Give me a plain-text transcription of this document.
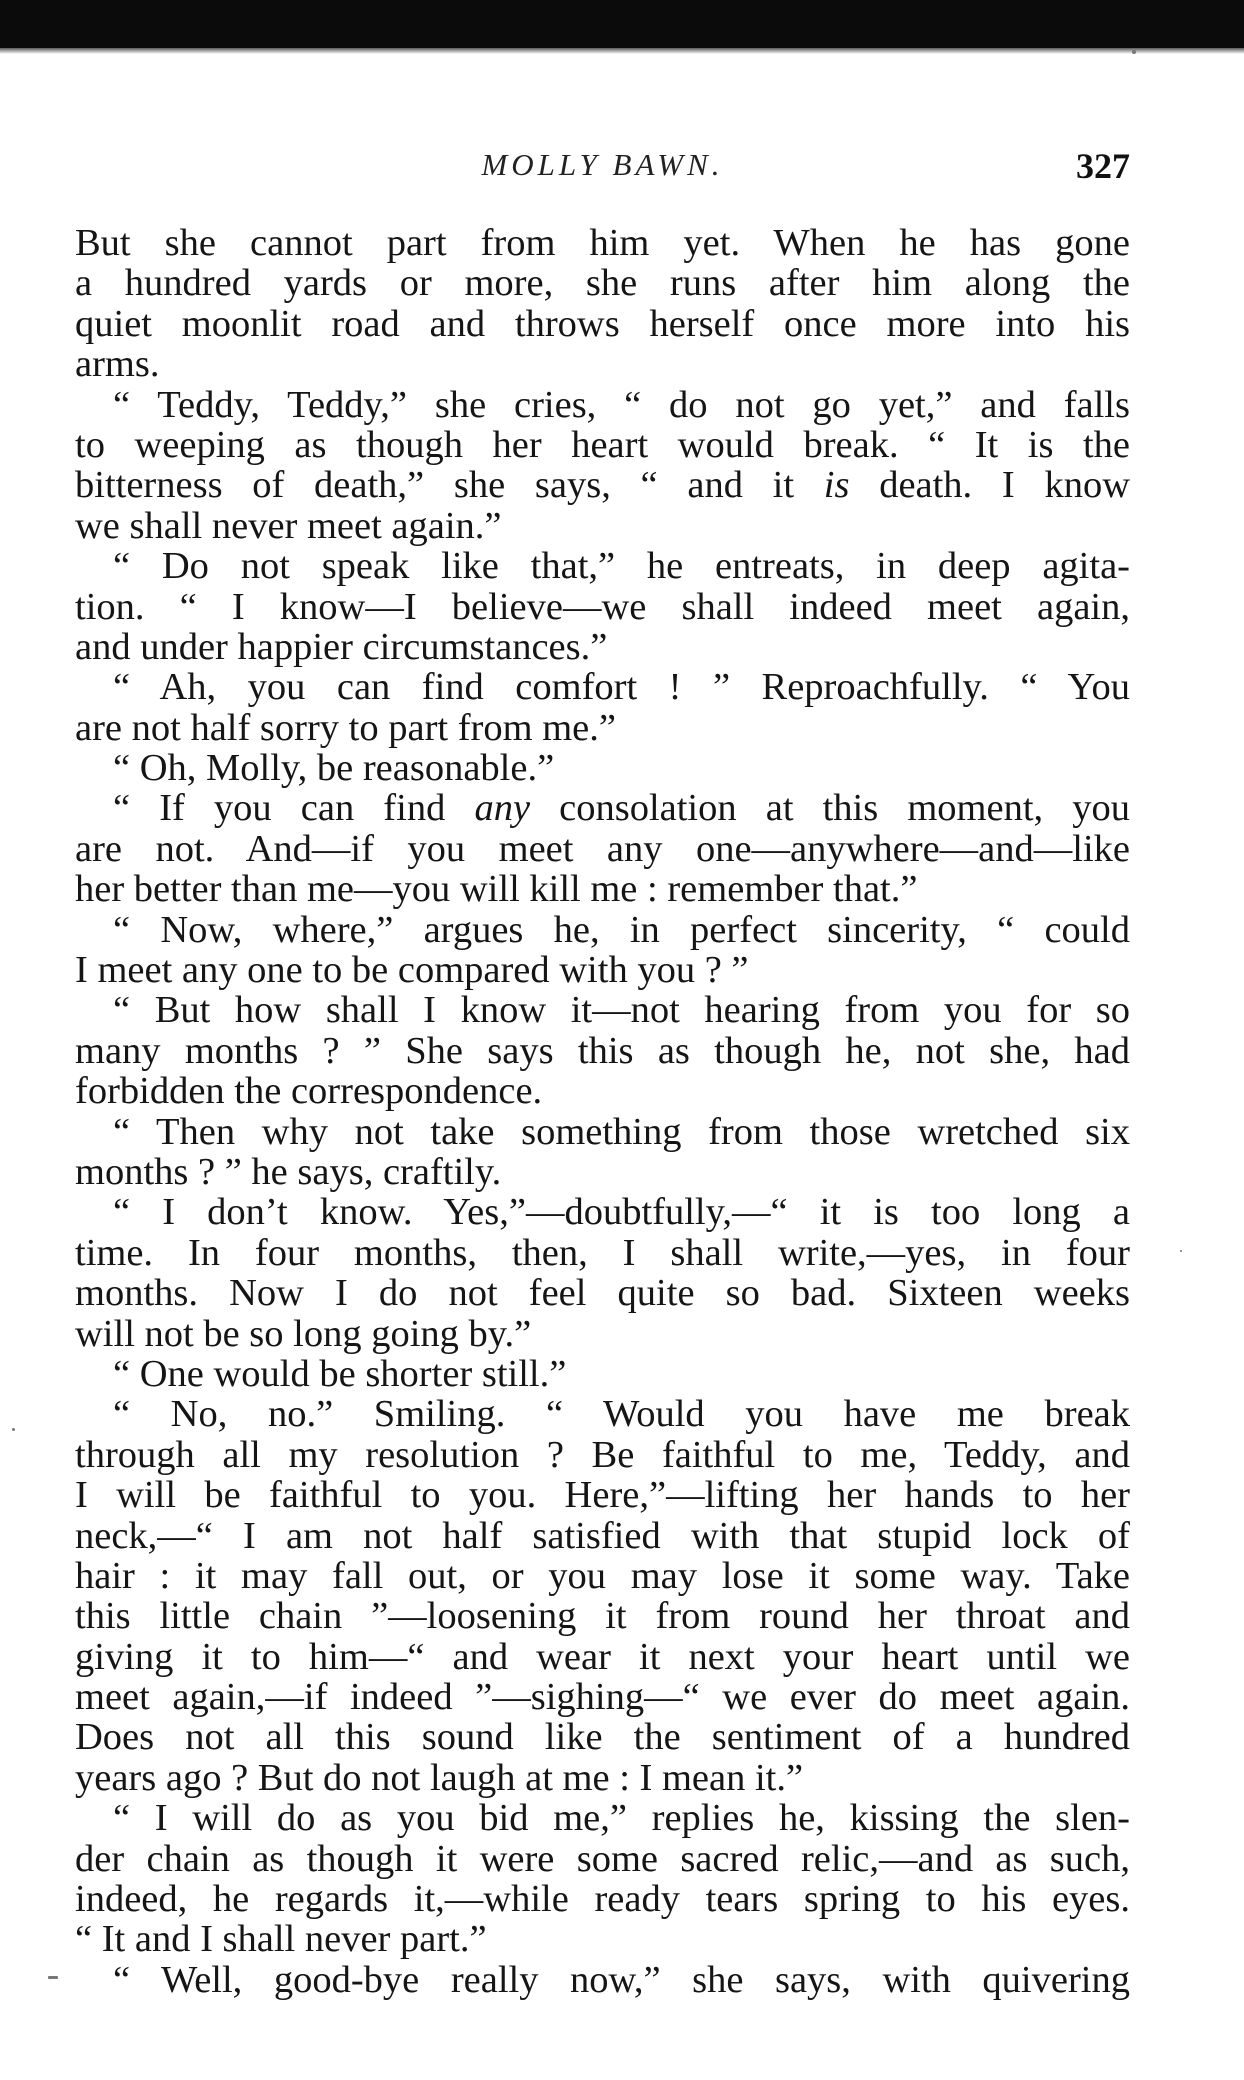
MOLLY BAWN.	327
But she cannot part from him yet. When he has gone
a hundred yards or more, she runs after him along the
quiet moonlit road and throws herself once more into his
arms.
“ Teddy, Teddy,” she cries, “ do not go yet,” and falls
to weeping as though her heart would break. “ It is the
bitterness of death,” she says, “ and it is death. I know
we shall never meet again.”
“ Do not speak like that,” he entreats, in deep agita-
tion. “ I know—I believe—we shall indeed meet again,
and under happier circumstances.”
“ Ah, you can find comfort ! ” Reproachfully. “ You
are not half sorry to part from me.”
“ Oh, Molly, be reasonable.”
“ If you can find any consolation at this moment, you
are not. And—if you meet any one—anywhere—and—like
her better than me—you will kill me : remember that.”
“ Now, where,” argues he, in perfect sincerity, “ could
I meet any one to be compared with you ? ”
“ But how shall I know it—not hearing from you for so
many months ? ” She says this as though he, not she, had
forbidden the correspondence.
“ Then why not take something from those wretched six
months ? ” he says, craftily.
“ I don’t know. Yes,”—doubtfully,—“ it is too long a
time. In four months, then, I shall write,—yes, in four
months. Now I do not feel quite so bad. Sixteen weeks
will not be so long going by.”
“ One would be shorter still.”
“ No, no.” Smiling. “ Would you have me break
through all my resolution ? Be faithful to me, Teddy, and
I will be faithful to you. Here,”—lifting her hands to her
neck,—“ I am not half satisfied with that stupid lock of
hair : it may fall out, or you may lose it some way. Take
this little chain ”—loosening it from round her throat and
giving it to him—“ and wear it next your heart until we
meet again,—if indeed ”—sighing—“ we ever do meet again.
Does not all this sound like the sentiment of a hundred
years ago ? But do not laugh at me : I mean it.”
“ I will do as you bid me,” replies he, kissing the slen-
der chain as though it were some sacred relic,—and as such,
indeed, he regards it,—while ready tears spring to his eyes.
“ It and I shall never part.”
“ Well, good-bye really now,” she says, with quivering
